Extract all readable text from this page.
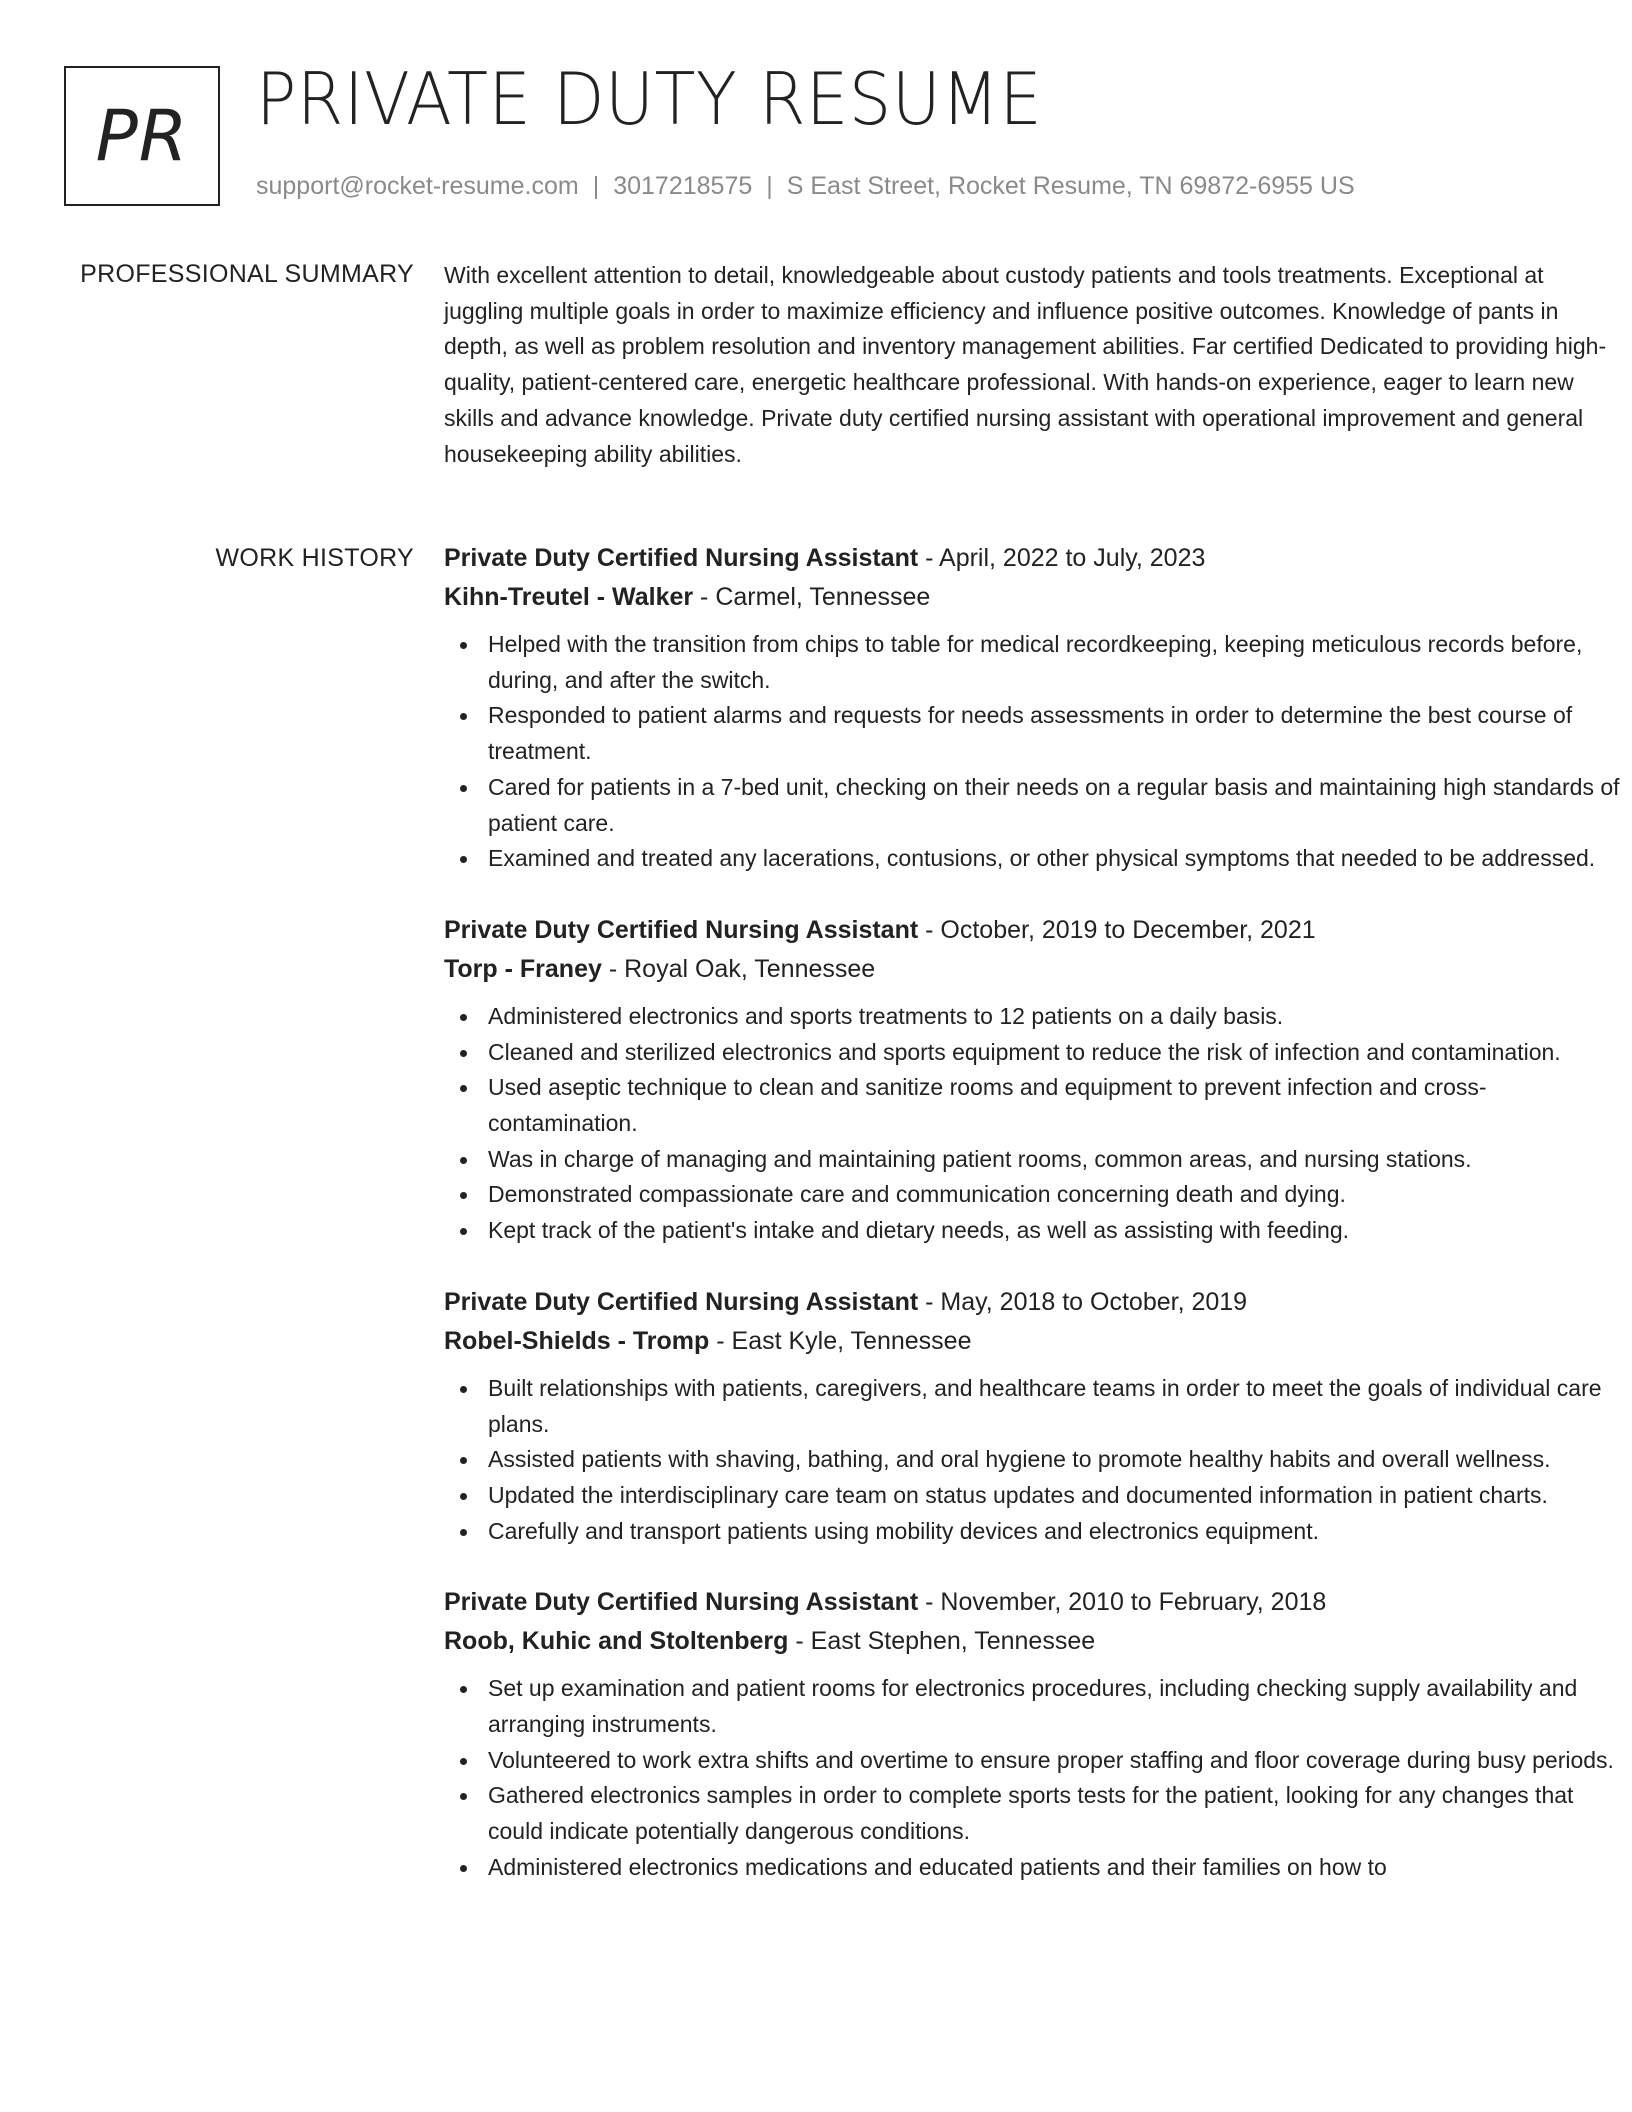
PR PRIVATE DUTY RESUME
support@rocket-resume.com | 3017218575 | S East Street, Rocket Resume, TN 69872-6955 US
PROFESSIONAL SUMMARY With excellent attention to detail, knowledgeable about custody patients and tools treatments. Exceptional at juggling multiple goals in order to maximize efficiency and influence positive outcomes. Knowledge of pants in depth, as well as problem resolution and inventory management abilities. Far certified Dedicated to providing high-quality, patient-centered care, energetic healthcare professional. With hands-on experience, eager to learn new skills and advance knowledge. Private duty certified nursing assistant with operational improvement and general housekeeping ability abilities.

WORK HISTORY Private Duty Certified Nursing Assistant - April, 2022 to July, 2023
Kihn-Treutel - Walker - Carmel, Tennessee
Helped with the transition from chips to table for medical recordkeeping, keeping meticulous records before, during, and after the switch.
Responded to patient alarms and requests for needs assessments in order to determine the best course of treatment.
Cared for patients in a 7-bed unit, checking on their needs on a regular basis and maintaining high standards of patient care.
Examined and treated any lacerations, contusions, or other physical symptoms that needed to be addressed.
Private Duty Certified Nursing Assistant - October, 2019 to December, 2021
Torp - Franey - Royal Oak, Tennessee
Administered electronics and sports treatments to 12 patients on a daily basis.
Cleaned and sterilized electronics and sports equipment to reduce the risk of infection and contamination.
Used aseptic technique to clean and sanitize rooms and equipment to prevent infection and cross-contamination.
Was in charge of managing and maintaining patient rooms, common areas, and nursing stations.
Demonstrated compassionate care and communication concerning death and dying.
Kept track of the patient's intake and dietary needs, as well as assisting with feeding.
Private Duty Certified Nursing Assistant - May, 2018 to October, 2019
Robel-Shields - Tromp - East Kyle, Tennessee
Built relationships with patients, caregivers, and healthcare teams in order to meet the goals of individual care plans.
Assisted patients with shaving, bathing, and oral hygiene to promote healthy habits and overall wellness.
Updated the interdisciplinary care team on status updates and documented information in patient charts.
Carefully and transport patients using mobility devices and electronics equipment.
Private Duty Certified Nursing Assistant - November, 2010 to February, 2018
Roob, Kuhic and Stoltenberg - East Stephen, Tennessee
Set up examination and patient rooms for electronics procedures, including checking supply availability and arranging instruments.
Volunteered to work extra shifts and overtime to ensure proper staffing and floor coverage during busy periods.
Gathered electronics samples in order to complete sports tests for the patient, looking for any changes that could indicate potentially dangerous conditions.
Administered electronics medications and educated patients and their families on how to
